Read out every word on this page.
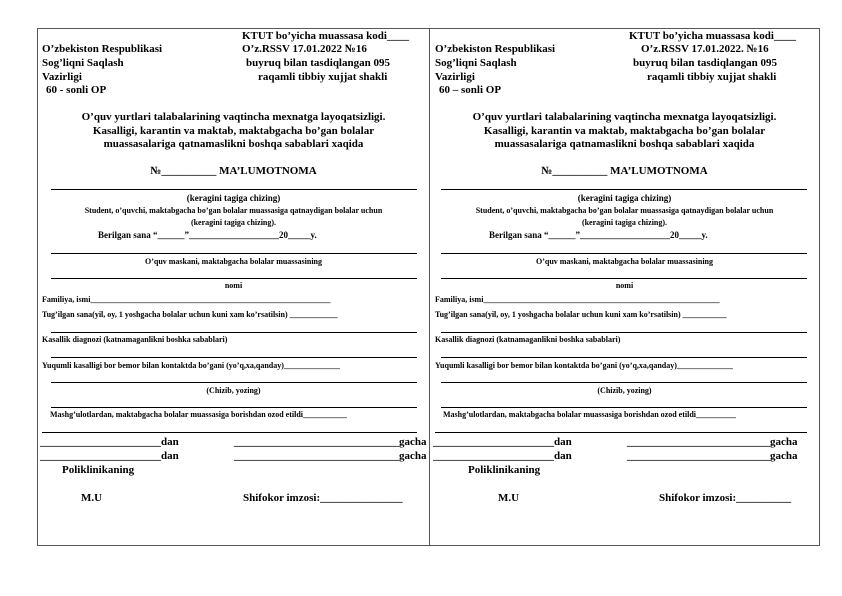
KTUT bo’yicha muassasa kodi____
O’zbekiston Respublikasi
Sog’liqni Saqlash
Vazirligi
60 - sonli OP
O’z.RSSV 17.01.2022 №16
buyruq bilan tasdiqlangan 095
raqamli tibbiy xujjat shakli
O’quv yurtlari talabalarining vaqtincha mexnatga layoqatsizligi.
Kasalligi, karantin va maktab, maktabgacha bo’gan bolalar
muassasalariga qatnamaslikni boshqa sabablari xaqida
№__________ MA’LUMOTNOMA
(keragini tagiga chizing)
Student, o’quvchi, maktabgacha bo’gan bolalar muassasiga qatnaydigan bolalar uchun
(keragini tagiga chizing).
Berilgan sana “______”____________________20_____y.
O’quv maskani, maktabgacha bolalar muassasining
nomi
Familiya, ismi____________________________________________________________
Tug’ilgan sana(yil, oy, 1 yoshgacha bolalar uchun kuni xam ko’rsatilsin) ____________
Kasallik diagnozi (katnamaganlikni boshka sabablari)
Yuqumli kasalligi bor bemor bilan kontaktda bo’gani (yo’q,xa,qanday)______________
(Chizib, yozing)
Mashg’ulotlardan, maktabgacha bolalar muassasiga borishdan ozod etildi___________
______________________dan	______________________________gacha
______________________dan	______________________________gacha
Poliklinikaning
M.U	Shifokor imzosi:_______________
KTUT bo’yicha muassasa kodi____
O’zbekiston Respublikasi
Sog’liqni Saqlash
Vazirligi
60 – sonli OP
O’z.RSSV 17.01.2022. №16
buyruq bilan tasdiqlangan 095
raqamli tibbiy xujjat shakli
O’quv yurtlari talabalarining vaqtincha mexnatga layoqatsizligi.
Kasalligi, karantin va maktab, maktabgacha bo’gan bolalar
muassasalariga qatnamaslikni boshqa sabablari xaqida
№__________ MA’LUMOTNOMA
(keragini tagiga chizing)
Student, o’quvchi, maktabgacha bo’gan bolalar muassasiga qatnaydigan bolalar uchun
(keragini tagiga chizing).
Berilgan sana “______”____________________20_____y.
O’quv maskani, maktabgacha bolalar muassasining
nomi
Familiya, ismi___________________________________________________________
Tug’ilgan sana(yil, oy, 1 yoshgacha bolalar uchun kuni xam ko’rsatilsin) ___________
Kasallik diagnozi (katnamaganlikni boshka sabablari)
Yuqumli kasalligi bor bemor bilan kontaktda bo’gani (yo’q,xa,qanday)______________
(Chizib, yozing)
Mashg’ulotlardan, maktabgacha bolalar muassasiga borishdan ozod etildi__________
______________________dan	__________________________gacha
______________________dan	__________________________gacha
Poliklinikaning
M.U	Shifokor imzosi:__________
